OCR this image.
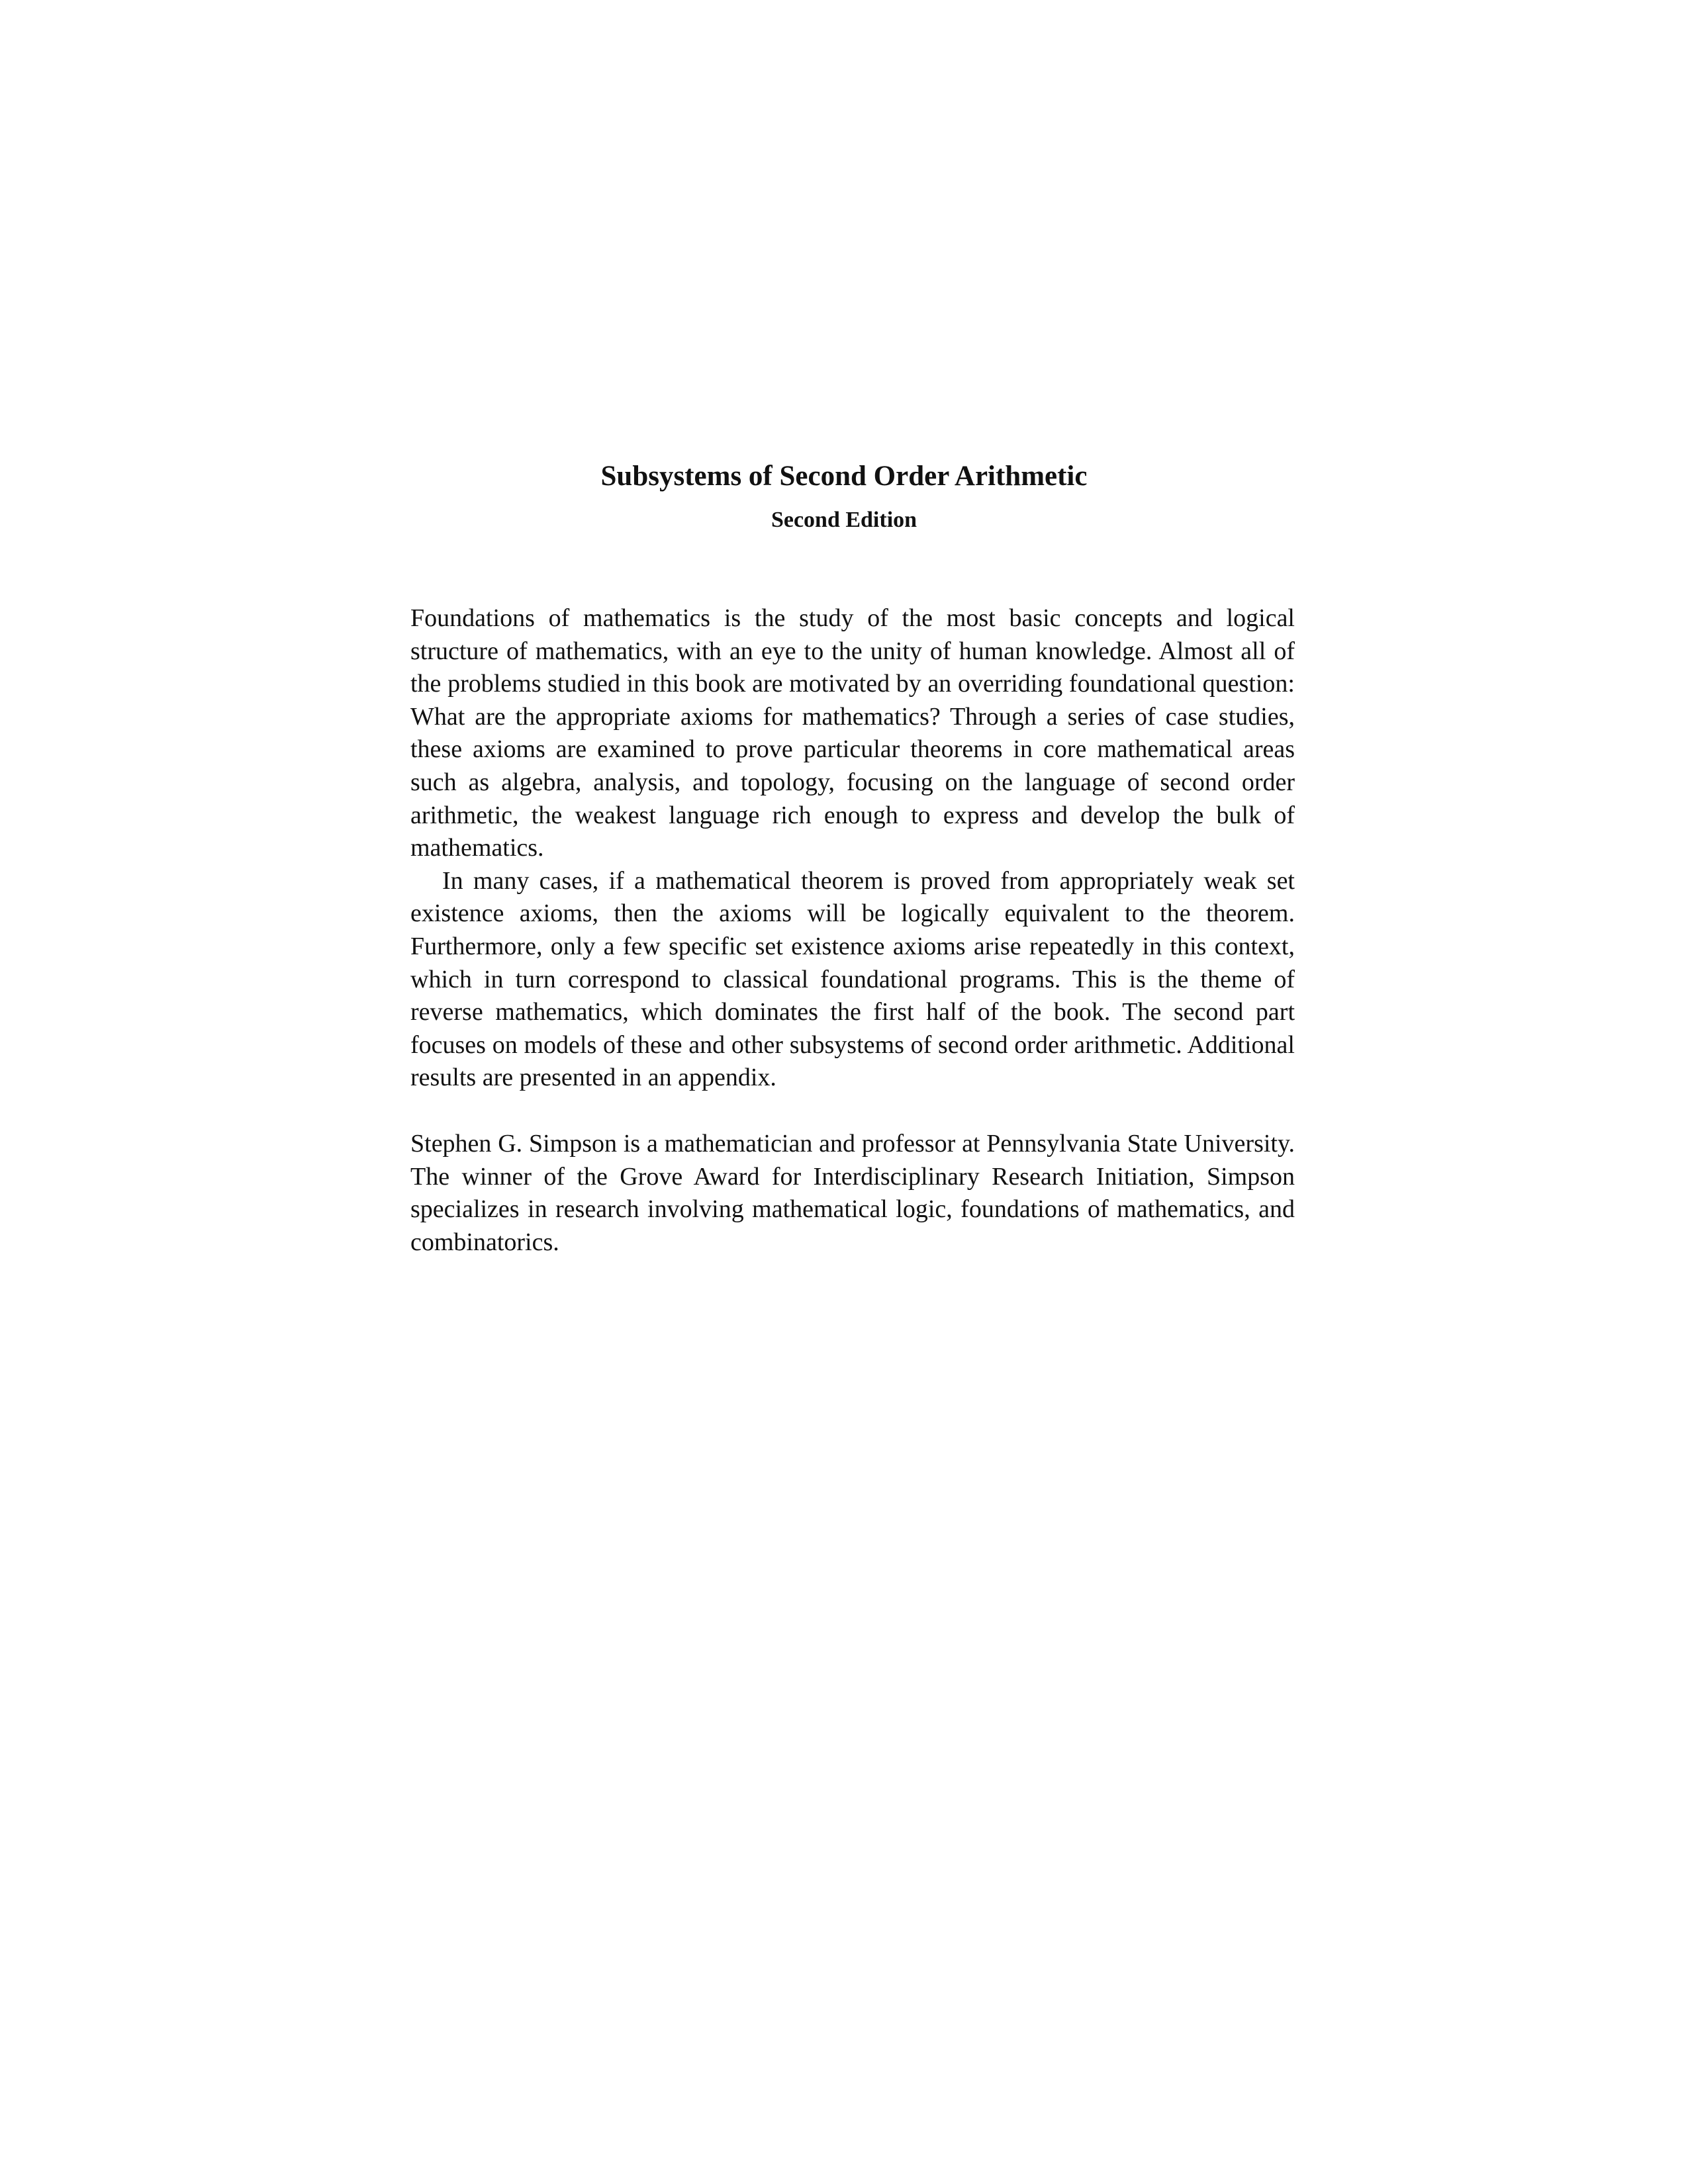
Subsystems of Second Order Arithmetic
Second Edition

Foundations of mathematics is the study of the most basic concepts and logical structure of mathematics, with an eye to the unity of human knowledge. Almost all of the problems studied in this book are motivated by an overriding foundational question: What are the appropriate axioms for mathematics? Through a series of case studies, these axioms are examined to prove particular theorems in core mathematical areas such as algebra, analysis, and topology, focusing on the language of second order arithmetic, the weakest language rich enough to express and develop the bulk of mathematics.

In many cases, if a mathematical theorem is proved from appropriately weak set existence axioms, then the axioms will be logically equivalent to the theorem. Furthermore, only a few specific set existence axioms arise repeatedly in this context, which in turn correspond to classical foundational programs. This is the theme of reverse mathematics, which dominates the first half of the book. The second part focuses on models of these and other subsystems of second order arithmetic. Additional results are presented in an appendix.

Stephen G. Simpson is a mathematician and professor at Pennsylvania State University. The winner of the Grove Award for Interdisciplinary Research Initiation, Simpson specializes in research involving mathematical logic, foundations of mathematics, and combinatorics.
